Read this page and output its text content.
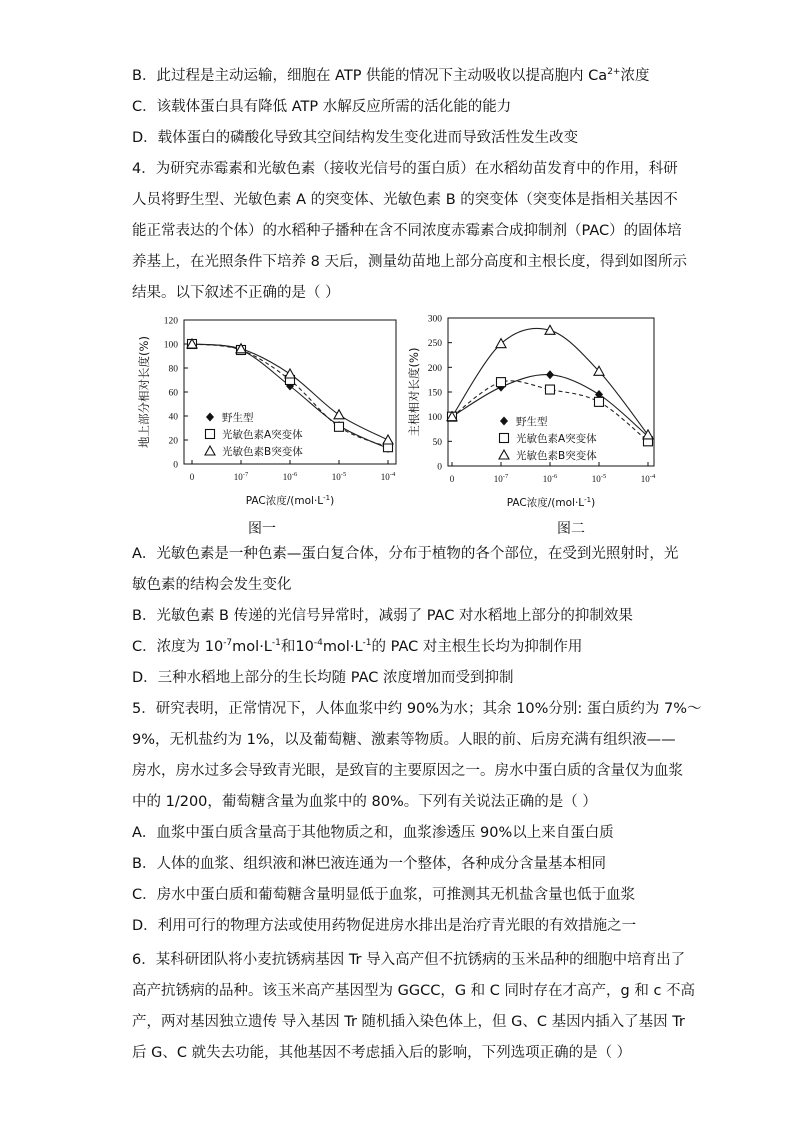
B．此过程是主动运输，细胞在 ATP 供能的情况下主动吸收以提高胞内 $Ca^{2+}$浓度
C．该载体蛋白具有降低 ATP 水解反应所需的活化能的能力
D．载体蛋白的磷酸化导致其空间结构发生变化进而导致活性发生改变
4．为研究赤霉素和光敏色素（接收光信号的蛋白质）在水稻幼苗发育中的作用，科研
人员将野生型、光敏色素 A 的突变体、光敏色素 B 的突变体（突变体是指相关基因不
能正常表达的个体）的水稻种子播种在含不同浓度赤霉素合成抑制剂（PAC）的固体培
养基上，在光照条件下培养 8 天后，测量幼苗地上部分高度和主根长度，得到如图所示
结果。以下叙述不正确的是（ ）
0
20
40
60
80
100
120
0	$10^{-7}$	$10^{-6}$	$10^{-5}$	$10^{-4}$
地上部分相对长度(%)
PAC浓度$/(mol\cdot L^{-1})$
野生型
光敏色素A突变体
光敏色素B突变体
0
50
100
150
200
250
300
0	$10^{-7}$	$10^{-6}$	$10^{-5}$	$10^{-4}$
主根相对长度(%)
PAC浓度$/(mol\cdot L^{-1})$
野生型
光敏色素A突变体
光敏色素B突变体
图一	图二
A．光敏色素是一种色素—蛋白复合体，分布于植物的各个部位，在受到光照射时，光
敏色素的结构会发生变化
B．光敏色素 B 传递的光信号异常时，减弱了 PAC 对水稻地上部分的抑制效果
C．浓度为 $10^{-7}mol\cdot L^{-1}$和$10^{-4}mol\cdot L^{-1}$的 PAC 对主根生长均为抑制作用
D．三种水稻地上部分的生长均随 PAC 浓度增加而受到抑制
5．研究表明，正常情况下，人体血浆中约 90%为水；其余 10%分别: 蛋白质约为 7%～
9%，无机盐约为 1%，以及葡萄糖、激素等物质。人眼的前、后房充满有组织液——
房水，房水过多会导致青光眼，是致盲的主要原因之一。房水中蛋白质的含量仅为血浆
中的 1/200，葡萄糖含量为血浆中的 80%。下列有关说法正确的是（ ）
A．血浆中蛋白质含量高于其他物质之和，血浆渗透压 90%以上来自蛋白质
B．人体的血浆、组织液和淋巴液连通为一个整体，各种成分含量基本相同
C．房水中蛋白质和葡萄糖含量明显低于血浆，可推测其无机盐含量也低于血浆
D．利用可行的物理方法或使用药物促进房水排出是治疗青光眼的有效措施之一
6．某科研团队将小麦抗锈病基因 Tr 导入高产但不抗锈病的玉米品种的细胞中培育出了
高产抗锈病的品种。该玉米高产基因型为 GGCC，G 和 C 同时存在才高产，g 和 c 不高
产，两对基因独立遗传 导入基因 Tr 随机插入染色体上，但 G、C 基因内插入了基因 Tr
后 G、C 就失去功能，其他基因不考虑插入后的影响，下列选项正确的是（ ）
